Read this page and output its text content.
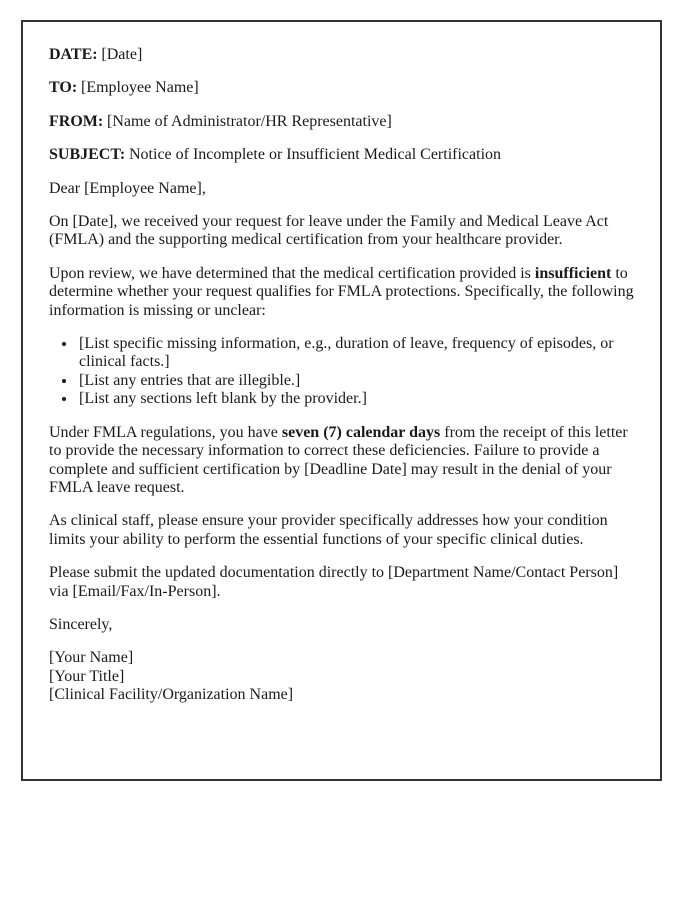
DATE: [Date]

TO: [Employee Name]

FROM: [Name of Administrator/HR Representative]

SUBJECT: Notice of Incomplete or Insufficient Medical Certification

Dear [Employee Name],

On [Date], we received your request for leave under the Family and Medical Leave Act (FMLA) and the supporting medical certification from your healthcare provider.

Upon review, we have determined that the medical certification provided is insufficient to determine whether your request qualifies for FMLA protections. Specifically, the following information is missing or unclear:

• [List specific missing information, e.g., duration of leave, frequency of episodes, or clinical facts.]
• [List any entries that are illegible.]
• [List any sections left blank by the provider.]

Under FMLA regulations, you have seven (7) calendar days from the receipt of this letter to provide the necessary information to correct these deficiencies. Failure to provide a complete and sufficient certification by [Deadline Date] may result in the denial of your FMLA leave request.

As clinical staff, please ensure your provider specifically addresses how your condition limits your ability to perform the essential functions of your specific clinical duties.

Please submit the updated documentation directly to [Department Name/Contact Person] via [Email/Fax/In-Person].

Sincerely,

[Your Name]

[Your Title]

[Clinical Facility/Organization Name]
